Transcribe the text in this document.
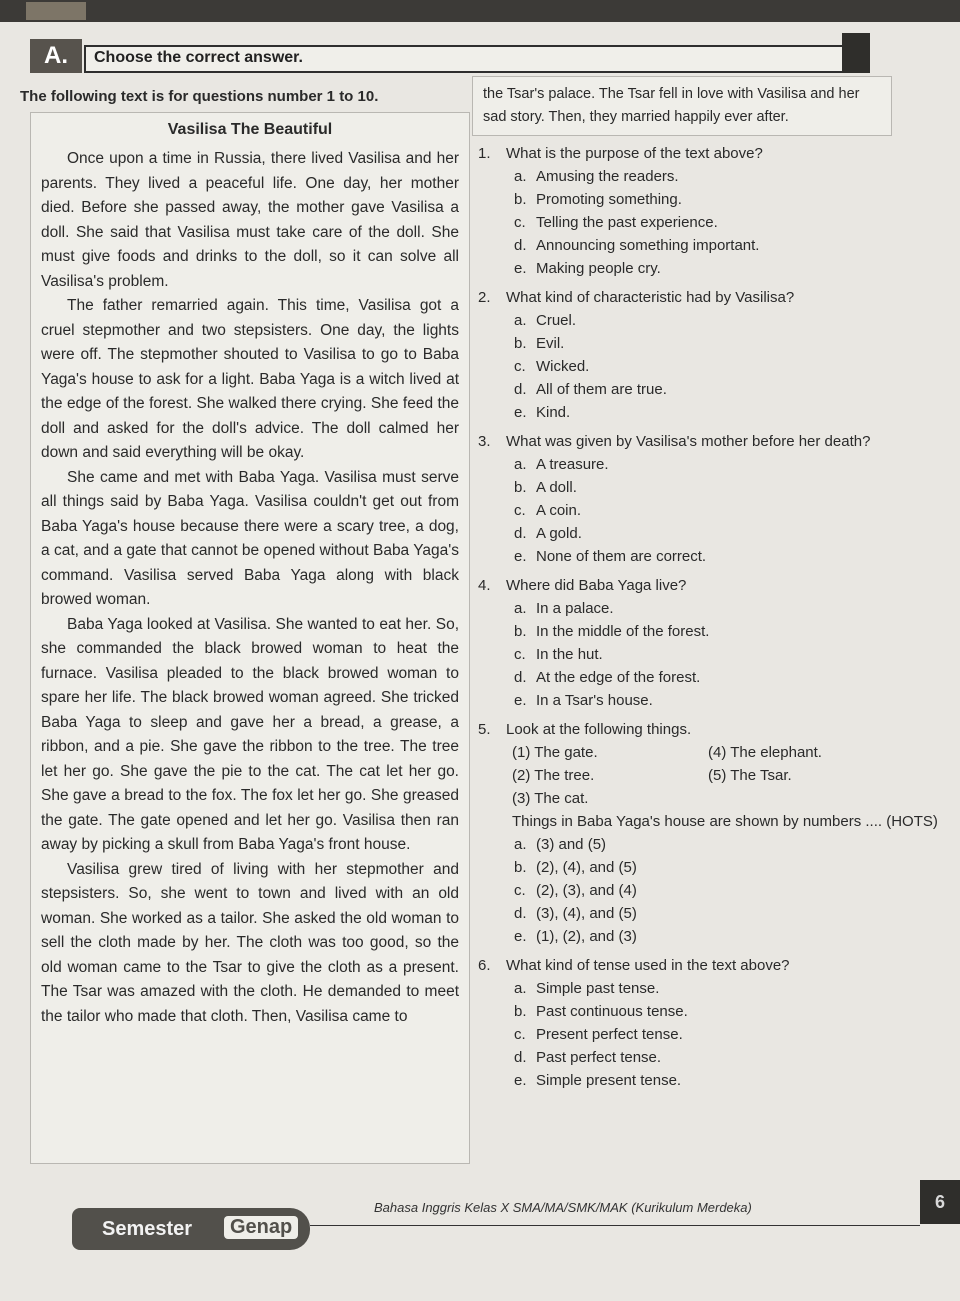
A.	Choose the correct answer.
The following text is for questions number 1 to 10.
Vasilisa The Beautiful

Once upon a time in Russia, there lived Vasilisa and her parents. They lived a peaceful life. One day, her mother died. Before she passed away, the mother gave Vasilisa a doll. She said that Vasilisa must take care of the doll. She must give foods and drinks to the doll, so it can solve all Vasilisa's problem.

The father remarried again. This time, Vasilisa got a cruel stepmother and two stepsisters. One day, the lights were off. The stepmother shouted to Vasilisa to go to Baba Yaga's house to ask for a light. Baba Yaga is a witch lived at the edge of the forest. She walked there crying. She feed the doll and asked for the doll's advice. The doll calmed her down and said everything will be okay.

She came and met with Baba Yaga. Vasilisa must serve all things said by Baba Yaga. Vasilisa couldn't get out from Baba Yaga's house because there were a scary tree, a dog, a cat, and a gate that cannot be opened without Baba Yaga's command. Vasilisa served Baba Yaga along with black browed woman.

Baba Yaga looked at Vasilisa. She wanted to eat her. So, she commanded the black browed woman to heat the furnace. Vasilisa pleaded to the black browed woman to spare her life. The black browed woman agreed. She tricked Baba Yaga to sleep and gave her a bread, a grease, a ribbon, and a pie. She gave the ribbon to the tree. The tree let her go. She gave the pie to the cat. The cat let her go. She gave a bread to the fox. The fox let her go. She greased the gate. The gate opened and let her go. Vasilisa then ran away by picking a skull from Baba Yaga's front house.

Vasilisa grew tired of living with her stepmother and stepsisters. So, she went to town and lived with an old woman. She worked as a tailor. She asked the old woman to sell the cloth made by her. The cloth was too good, so the old woman came to the Tsar to give the cloth as a present. The Tsar was amazed with the cloth. He demanded to meet the tailor who made that cloth. Then, Vasilisa came to

the Tsar's palace. The Tsar fell in love with Vasilisa and her sad story. Then, they married happily ever after.
1.	What is the purpose of the text above?
a. Amusing the readers.
b. Promoting something.
c. Telling the past experience.
d. Announcing something important.
e. Making people cry.
2.	What kind of characteristic had by Vasilisa?
a. Cruel.
b. Evil.
c. Wicked.
d. All of them are true.
e. Kind.
3.	What was given by Vasilisa's mother before her death?
a. A treasure.
b. A doll.
c. A coin.
d. A gold.
e. None of them are correct.
4.	Where did Baba Yaga live?
a. In a palace.
b. In the middle of the forest.
c. In the hut.
d. At the edge of the forest.
e. In a Tsar's house.
5.	Look at the following things.
(1) The gate.	(4) The elephant.
(2) The tree.	(5) The Tsar.
(3) The cat.
Things in Baba Yaga's house are shown by numbers .... (HOTS)
a. (3) and (5)
b. (2), (4), and (5)
c. (2), (3), and (4)
d. (3), (4), and (5)
e. (1), (2), and (3)
6.	What kind of tense used in the text above?
a. Simple past tense.
b. Past continuous tense.
c. Present perfect tense.
d. Past perfect tense.
e. Simple present tense.
Bahasa Inggris Kelas X SMA/MA/SMK/MAK (Kurikulum Merdeka)
Semester	Genap
6
